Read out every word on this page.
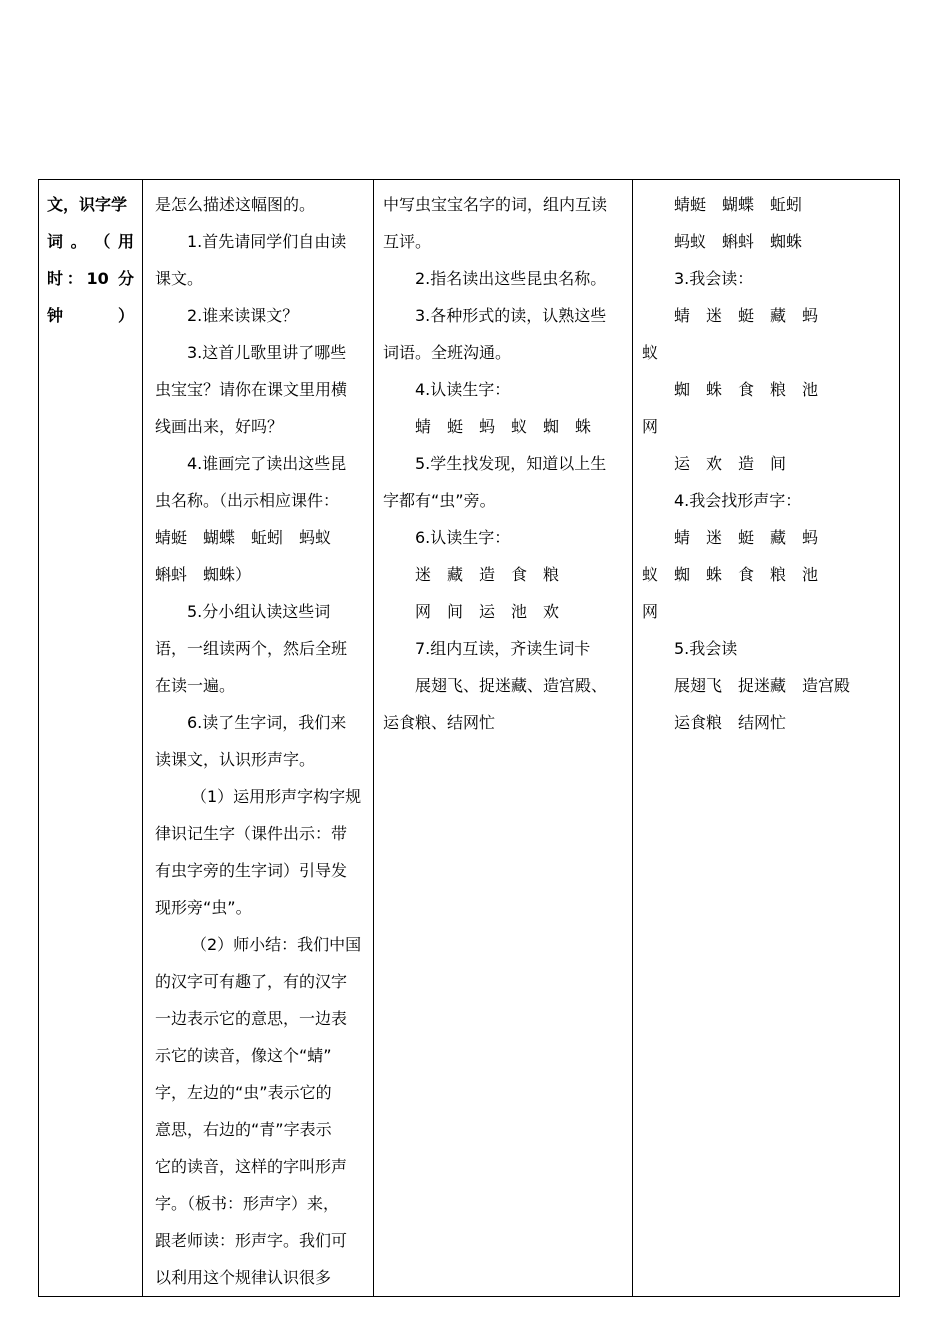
文，识字学
词 。 （ 用
时：10 分
钟）

是怎么描述这幅图的。
1.首先请同学们自由读
课文。
2.谁来读课文？
3.这首儿歌里讲了哪些
虫宝宝？请你在课文里用横
线画出来，好吗？
4.谁画完了读出这些昆
虫名称。（出示相应课件：
蜻蜓　蝴蝶　蚯蚓　蚂蚁
蝌蚪　蜘蛛）
5.分小组认读这些词
语，一组读两个，然后全班
在读一遍。
6.读了生字词，我们来
读课文，认识形声字。
（1）运用形声字构字规
律识记生字（课件出示：带
有虫字旁的生字词）引导发
现形旁“虫”。
（2）师小结：我们中国
的汉字可有趣了，有的汉字
一边表示它的意思，一边表
示它的读音，像这个“蜻”
字，左边的“虫”表示它的
意思，右边的“青”字表示
它的读音，这样的字叫形声
字。（板书：形声字）来，
跟老师读：形声字。我们可
以利用这个规律认识很多

中写虫宝宝名字的词，组内互读
互评。
2.指名读出这些昆虫名称。
3.各种形式的读，认熟这些
词语。全班沟通。
4.认读生字：
蜻　蜓　蚂　蚁　蜘　蛛
5.学生找发现，知道以上生
字都有“虫”旁。
6.认读生字：
迷　藏　造　食　粮
网　间　运　池　欢
7.组内互读，齐读生词卡
展翅飞、捉迷藏、造宫殿、
运食粮、结网忙

蜻蜓　蝴蝶　蚯蚓
蚂蚁　蝌蚪　蜘蛛
3.我会读：
蜻　迷　蜓　藏　蚂
蚁
蜘　蛛　食　粮　池
网
运　欢　造　间
4.我会找形声字：
蜻　迷　蜓　藏　蚂
蚁　蜘　蛛　食　粮　池
网
5.我会读
展翅飞　捉迷藏　造宫殿
运食粮　结网忙
